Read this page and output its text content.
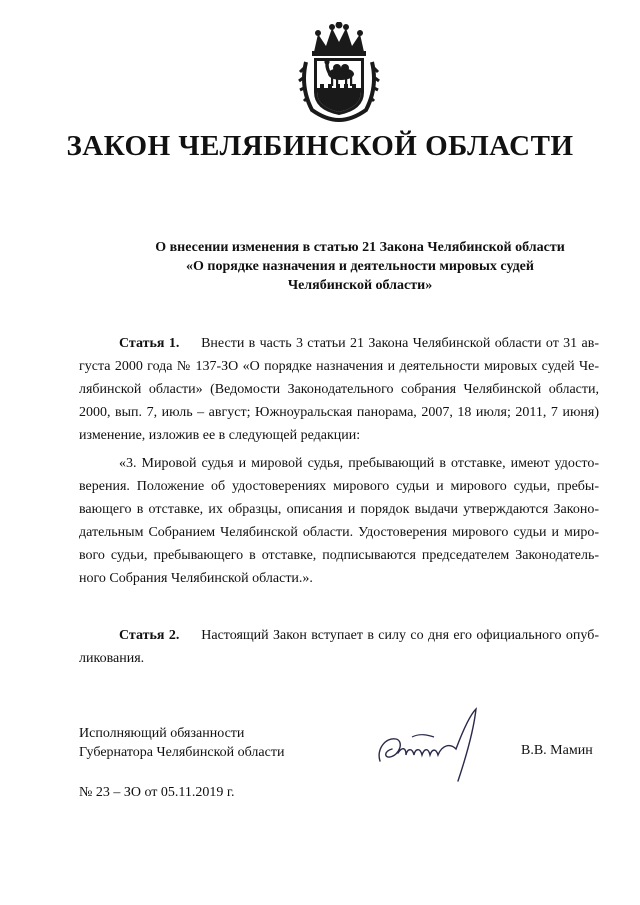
ЗАКОН ЧЕЛЯБИНСКОЙ ОБЛАСТИ
О внесении изменения в статью 21 Закона Челябинской области
«О порядке назначения и деятельности мировых судей
Челябинской области»
Статья 1. Внести в часть 3 статьи 21 Закона Челябинской области от 31 ав-
густа 2000 года № 137-ЗО «О порядке назначения и деятельности мировых судей Че-
лябинской области» (Ведомости Законодательного собрания Челябинской области,
2000, вып. 7, июль – август; Южноуральская панорама, 2007, 18 июля; 2011, 7 июня)
изменение, изложив ее в следующей редакции:
«3. Мировой судья и мировой судья, пребывающий в отставке, имеют удосто-
верения. Положение об удостоверениях мирового судьи и мирового судьи, пребы-
вающего в отставке, их образцы, описания и порядок выдачи утверждаются Законо-
дательным Собранием Челябинской области. Удостоверения мирового судьи и миро-
вого судьи, пребывающего в отставке, подписываются председателем Законодатель-
ного Собрания Челябинской области.».
Статья 2. Настоящий Закон вступает в силу со дня его официального опуб-
ликования.
Исполняющий обязанности
Губернатора Челябинской области	В.В. Мамин
№ 23 – ЗО от 05.11.2019 г.
